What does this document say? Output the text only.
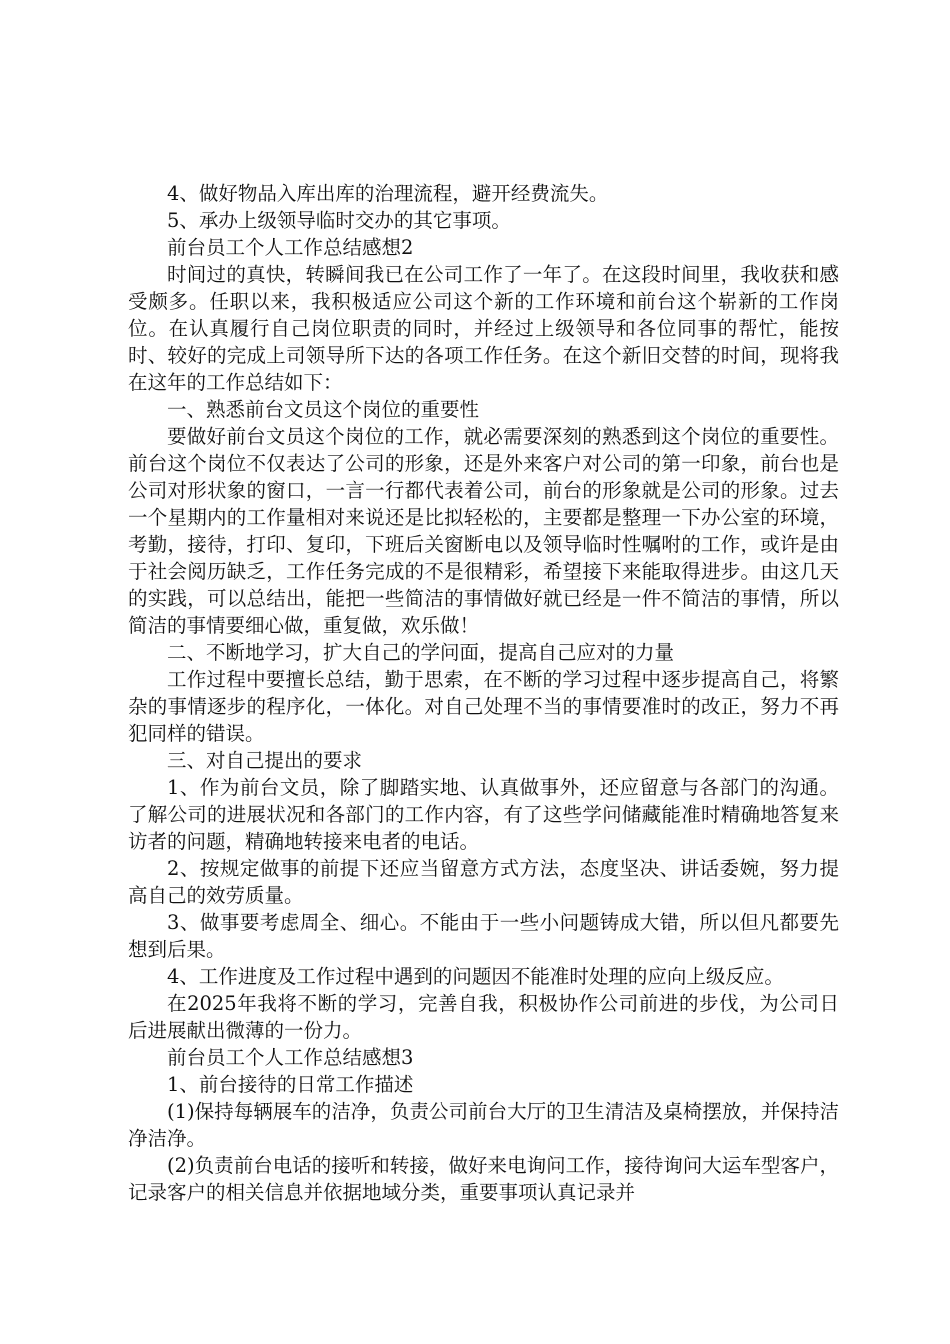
4、做好物品入库出库的治理流程，避开经费流失。

5、承办上级领导临时交办的其它事项。

前台员工个人工作总结感想2

时间过的真快，转瞬间我已在公司工作了一年了。在这段时间里，我收获和感受颇多。任职以来，我积极适应公司这个新的工作环境和前台这个崭新的工作岗位。在认真履行自己岗位职责的同时，并经过上级领导和各位同事的帮忙，能按时、较好的完成上司领导所下达的各项工作任务。在这个新旧交替的时间，现将我在这年的工作总结如下：

一、熟悉前台文员这个岗位的重要性

要做好前台文员这个岗位的工作，就必需要深刻的熟悉到这个岗位的重要性。前台这个岗位不仅表达了公司的形象，还是外来客户对公司的第一印象，前台也是公司对形状象的窗口，一言一行都代表着公司，前台的形象就是公司的形象。过去一个星期内的工作量相对来说还是比拟轻松的，主要都是整理一下办公室的环境，考勤，接待，打印、复印，下班后关窗断电以及领导临时性嘱咐的工作，或许是由于社会阅历缺乏，工作任务完成的不是很精彩，希望接下来能取得进步。由这几天的实践，可以总结出，能把一些简洁的事情做好就已经是一件不简洁的事情，所以简洁的事情要细心做，重复做，欢乐做！

二、不断地学习，扩大自己的学问面，提高自己应对的力量

工作过程中要擅长总结，勤于思索，在不断的学习过程中逐步提高自己，将繁杂的事情逐步的程序化，一体化。对自己处理不当的事情要准时的改正，努力不再犯同样的错误。

三、对自己提出的要求

1、作为前台文员，除了脚踏实地、认真做事外，还应留意与各部门的沟通。了解公司的进展状况和各部门的工作内容，有了这些学问储藏能准时精确地答复来访者的问题，精确地转接来电者的电话。

2、按规定做事的前提下还应当留意方式方法，态度坚决、讲话委婉，努力提高自己的效劳质量。

3、做事要考虑周全、细心。不能由于一些小问题铸成大错，所以但凡都要先想到后果。

4、工作进度及工作过程中遇到的问题因不能准时处理的应向上级反应。

在2025年我将不断的学习，完善自我，积极协作公司前进的步伐，为公司日后进展献出微薄的一份力。

前台员工个人工作总结感想3

1、前台接待的日常工作描述

(1)保持每辆展车的洁净，负责公司前台大厅的卫生清洁及桌椅摆放，并保持洁净洁净。

(2)负责前台电话的接听和转接，做好来电询问工作，接待询问大运车型客户，记录客户的相关信息并依据地域分类，重要事项认真记录并
